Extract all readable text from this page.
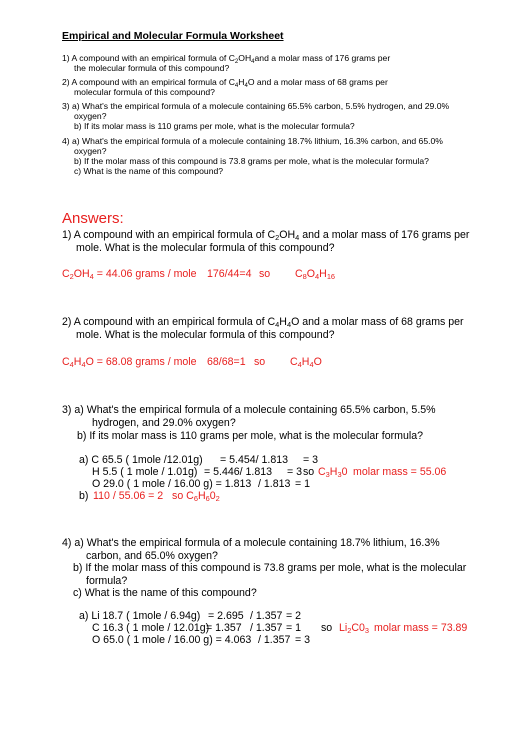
Empirical and Molecular Formula Worksheet
1) A compound with an empirical formula of $C_2OH_4and$ a molar mass of 176 grams per
the molecular formula of this compound?
2) A compound with an empirical formula of $C_4H_4O$ and a molar mass of 68 grams per
molecular formula of this compound?
3) a) What's the empirical formula of a molecule containing 65.5% carbon, 5.5% hydrogen, and 29.0%
oxygen?
b) If its molar mass is 110 grams per mole, what is the molecular formula?
4) a) What's the empirical formula of a molecule containing 18.7% lithium, 16.3% carbon, and 65.0%
oxygen?
b) If the molar mass of this compound is 73.8 grams per mole, what is the molecular formula?
c) What is the name of this compound?
Answers:
1) A compound with an empirical formula of $C_2OH_4$ and a molar mass of 176 grams per
mole. What is the molecular formula of this compound?
$C_2OH_4 = 44.06$ grams / mole 176/44=4 so $C_8O_4H_{16}$
2) A compound with an empirical formula of $C_4H_4O$ and a molar mass of 68 grams per
mole. What is the molecular formula of this compound?
$C_4H_4O = 68.08$ grams / mole 68/68=1 so $C_4H_4O$
3) a) What's the empirical formula of a molecule containing 65.5% carbon, 5.5%
hydrogen, and 29.0% oxygen?
b) If its molar mass is 110 grams per mole, what is the molecular formula?
a) C 65.5 ( 1mole /12.01g) = 5.454/ 1.813 = 3
H 5.5 ( 1 mole / 1.01g) = 5.446/ 1.813 = 3 so $C_3H_30$ molar mass = 55.06
O 29.0 ( 1 mole / 16.00 g) = 1.813 / 1.813 = 1
b) 110 / 55.06 = 2 so $C_6H_60_2$
4) a) What's the empirical formula of a molecule containing 18.7% lithium, 16.3%
carbon, and 65.0% oxygen?
b) If the molar mass of this compound is 73.8 grams per mole, what is the molecular
formula?
c) What is the name of this compound?
a) Li 18.7 ( 1mole / 6.94g) = 2.695 / 1.357 = 2
C 16.3 ( 1 mole / 12.01g)
= 1.357 / 1.357 = 1 so $Li_2C0_3$ molar mass = 73.89
O 65.0 ( 1 mole / 16.00 g) = 4.063 / 1.357 = 3
